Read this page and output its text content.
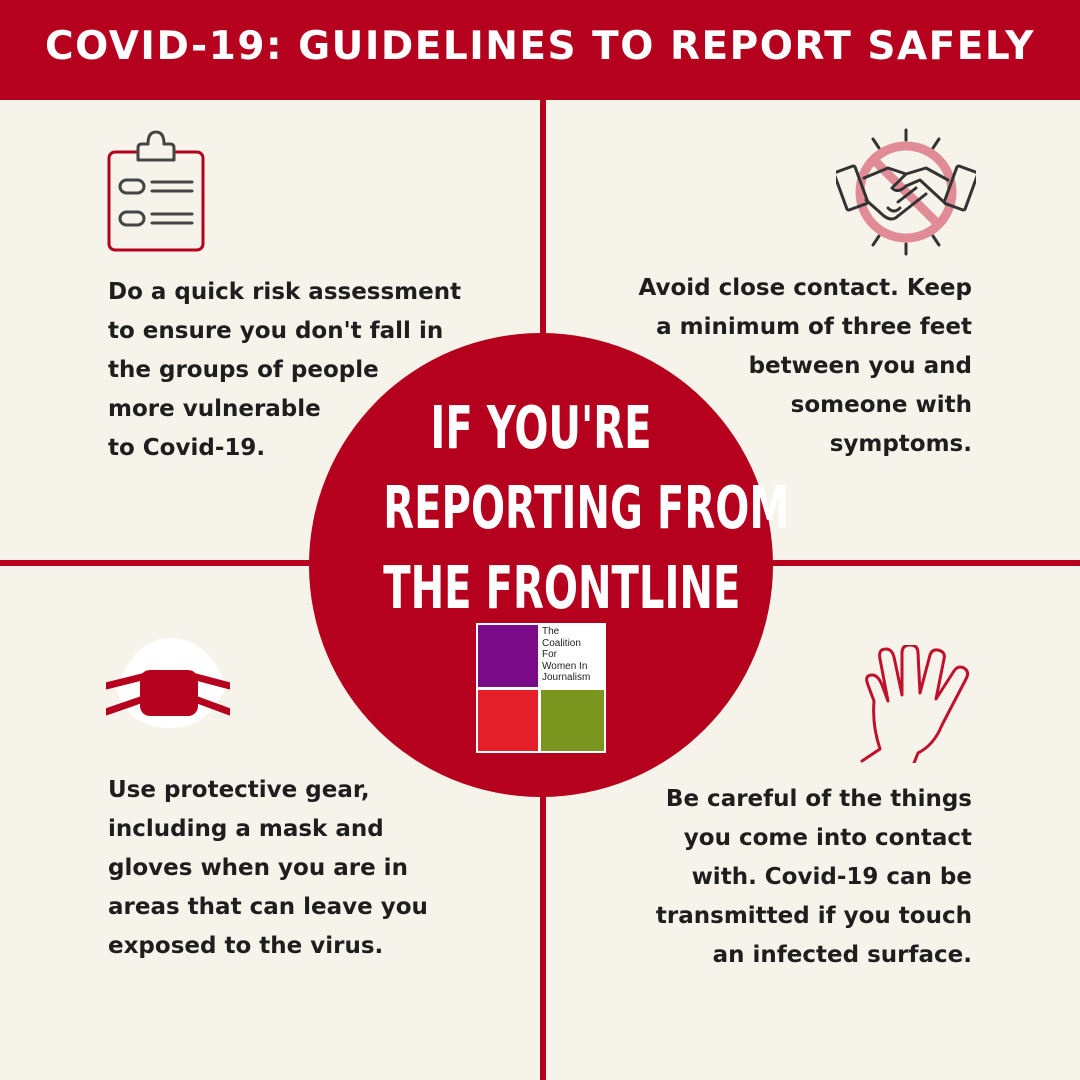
COVID-19: GUIDELINES TO REPORT SAFELY
IF YOU'RE
REPORTING FROM
THE FRONTLINE
The
Coalition
For
Women In
Journalism
Do a quick risk assessment
to ensure you don't fall in
the groups of people
more vulnerable
to Covid-19.
Avoid close contact. Keep
a minimum of three feet
between you and
someone with
symptoms.
Use protective gear,
including a mask and
gloves when you are in
areas that can leave you
exposed to the virus.
Be careful of the things
you come into contact
with. Covid-19 can be
transmitted if you touch
an infected surface.
